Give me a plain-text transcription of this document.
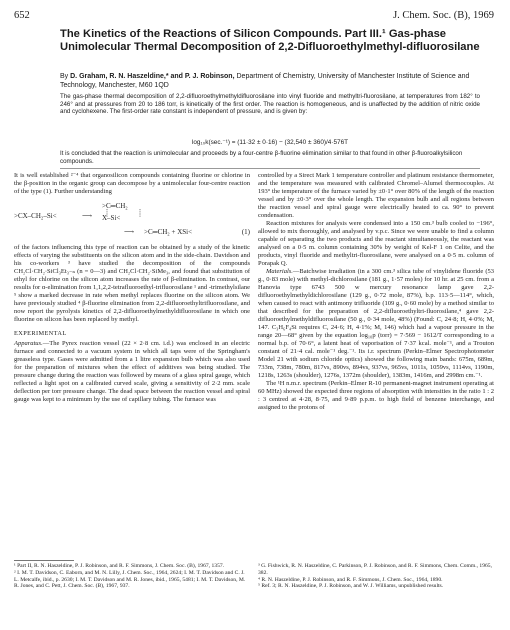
652	J. Chem. Soc. (B), 1969
The Kinetics of the Reactions of Silicon Compounds. Part III.¹ Gas-phase Unimolecular Thermal Decomposition of 2,2-Difluoroethylmethyl-difluorosilane
By D. Graham, R. N. Haszeldine,* and P. J. Robinson, Department of Chemistry, University of Manchester Institute of Science and Technology, Manchester, M60 1QD
The gas-phase thermal decomposition of 2,2-difluoroethylmethyldifluorosilane into vinyl fluoride and methyltri-fluorosilane, at temperatures from 182° to 246° and at pressures from 20 to 186 torr, is kinetically of the first order. The reaction is homogeneous, and is unaffected by the addition of nitric oxide and cyclohexene. The first-order rate constant is independent of pressure, and is given by:
log₁₀k(sec.⁻¹) = (11·32 ± 0·16) − (32,540 ± 360)/4·576T
It is concluded that the reaction is unimolecular and proceeds by a four-centre β-fluorine elimination similar to that found in other β-fluoroalkylsilicon compounds.

It is well established ²⁻⁴ that organosilicon compounds containing fluorine or chlorine in the β-position in the organic group can decompose by a unimolecular four-centre reaction of the type (1). Further understanding

>CX–CH₂–Si<	⟶
>C═CH₂
X–Si<
⟶ >C═CH₂ + XSi<	(1)

of the factors influencing this type of reaction can be obtained by a study of the kinetic effects of varying the substituents on the silicon atom and in the side-chain. Davidson and his co-workers ³ have studied the decomposition of the compounds CH₂Cl·CH₂·SiCl₃Et₃₋ₙ (n = 0—3) and CH₂Cl·CH₂·SiMe₃, and found that substitution of ethyl for chlorine on the silicon atom increases the rate of β-elimination. In contrast, our results for α-elimination from 1,1,2,2-tetrafluoroethyl-trifluorosilane ¹ and -trimethylsilane ⁵ show a marked decrease in rate when methyl replaces fluorine on the silicon atom. We have previously studied ⁴ β-fluorine elimination from 2,2-difluoroethyltrifluorosilane, and now report the pyrolysis kinetics of 2,2-difluoroethylmethyldifluorosilane in which one fluorine on silicon has been replaced by methyl.

EXPERIMENTAL

Apparatus.—The Pyrex reaction vessel (22 × 2·8 cm. i.d.) was enclosed in an electric furnace and connected to a vacuum system in which all taps were of the Springham's greaseless type. Gases were admitted from a 1 litre expansion bulb which was also used for the preparation of mixtures when the effect of additives was being studied. The pressure change during the reaction was followed by means of a glass spiral gauge, which reflected a light spot on a calibrated curved scale, giving a sensitivity of 2·2 mm. scale deflection per torr pressure change. The dead space between the reaction vessel and spiral gauge was kept to a minimum by the use of capillary tubing. The furnace was

controlled by a Sirect Mark 1 temperature controller and platinum resistance thermometer, and the temperature was measured with calibrated Chromel–Alumel thermocouples. At 193° the temperature of the furnace varied by ±0·1° over 80% of the length of the reaction vessel and by ±0·3° over the whole length. The expansion bulb and all regions between the reaction vessel and spiral gauge were electrically heated to ca. 90° to prevent condensation.

Reaction mixtures for analysis were condensed into a 150 cm.³ bulb cooled to −196°, allowed to mix thoroughly, and analysed by v.p.c. Since we were unable to find a column capable of separating the two products and the reactant simultaneously, the reactant was analysed on a 0·5 m. column containing 30% by weight of Kel-F 1 on Celite, and the products, vinyl fluoride and methyltri-fluorosilane, were analysed on a 0·5 m. column of Porapak Q.

Materials.—Batchwise irradiation (in a 300 cm.³ silica tube of vinylidene fluoride (53 g., 0·83 mole) with methyl-dichlorosilane (181 g., 1·57 moles) for 10 hr. at 25 cm. from a Hanovia type 6743 500 w mercury resonance lamp gave 2,2-difluoroethylmethyldichlorosilane (129 g., 0·72 mole, 87%), b.p. 113·5—114°, which, when caused to react with antimony trifluoride (109 g., 0·60 mole) by a method similar to that described for the preparation of 2,2-difluoroethyltri-fluorosilane,⁴ gave 2,2-difluoroethylmethyldifluorosilane (50 g., 0·34 mole, 48%) (Found: C, 24·8; H, 4·0%; M, 147. C₃H₆F₄Si requires C, 24·6; H, 4·1%; M, 146) which had a vapour pressure in the range 20—68° given by the equation log₁₀p (torr) = 7·569 − 1612/T corresponding to a normal b.p. of 70·6°, a latent heat of vaporisation of 7·37 kcal. mole⁻¹, and a Trouton constant of 21·4 cal. mole⁻¹ deg.⁻¹. Its i.r. spectrum (Perkin–Elmer Spectrophotometer Model 21 with sodium chloride optics) showed the following main bands: 675m, 689m, 733m, 738m, 780m, 817vs, 890vs, 894vs, 937vs, 965vs, 1011s, 1059vs, 1114vs, 1190m, 1218s, 1263s (shoulder), 1276s, 1372m (shoulder), 1383m, 1416m, and 2998m cm.⁻¹.

The ¹H n.m.r. spectrum (Perkin–Elmer R-10 permanent-magnet instrument operating at 60 MHz) showed the expected three regions of absorption with intensities in the ratio 1 : 2 : 3 centred at 4·28, 8·75, and 9·89 p.p.m. to high field of benzene interchange, and assigned to the protons of

¹ Part II, R. N. Haszeldine, P. J. Robinson, and R. F. Simmons, J. Chem. Soc. (B), 1967, 1357.

² I. M. T. Davidson, C. Eaborn, and M. N. Lilly, J. Chem. Soc., 1964, 2624; I. M. T. Davidson and C. J. L. Metcalfe, ibid., p. 2630; I. M. T. Davidson and M. R. Jones, ibid., 1965, 5481; I. M. T. Davidson, M. R. Jones, and C. Pett, J. Chem. Soc. (B), 1967, 937.

³ G. Fishwick, R. N. Haszeldine, C. Parkinson, P. J. Robinson, and R. F. Simmons, Chem. Comm., 1965, 382.

⁴ R. N. Haszeldine, P. J. Robinson, and R. F. Simmons, J. Chem. Soc., 1964, 1890.

⁵ Ref. 3; R. N. Haszeldine, P. J. Robinson, and W. J. Williams, unpublished results.
